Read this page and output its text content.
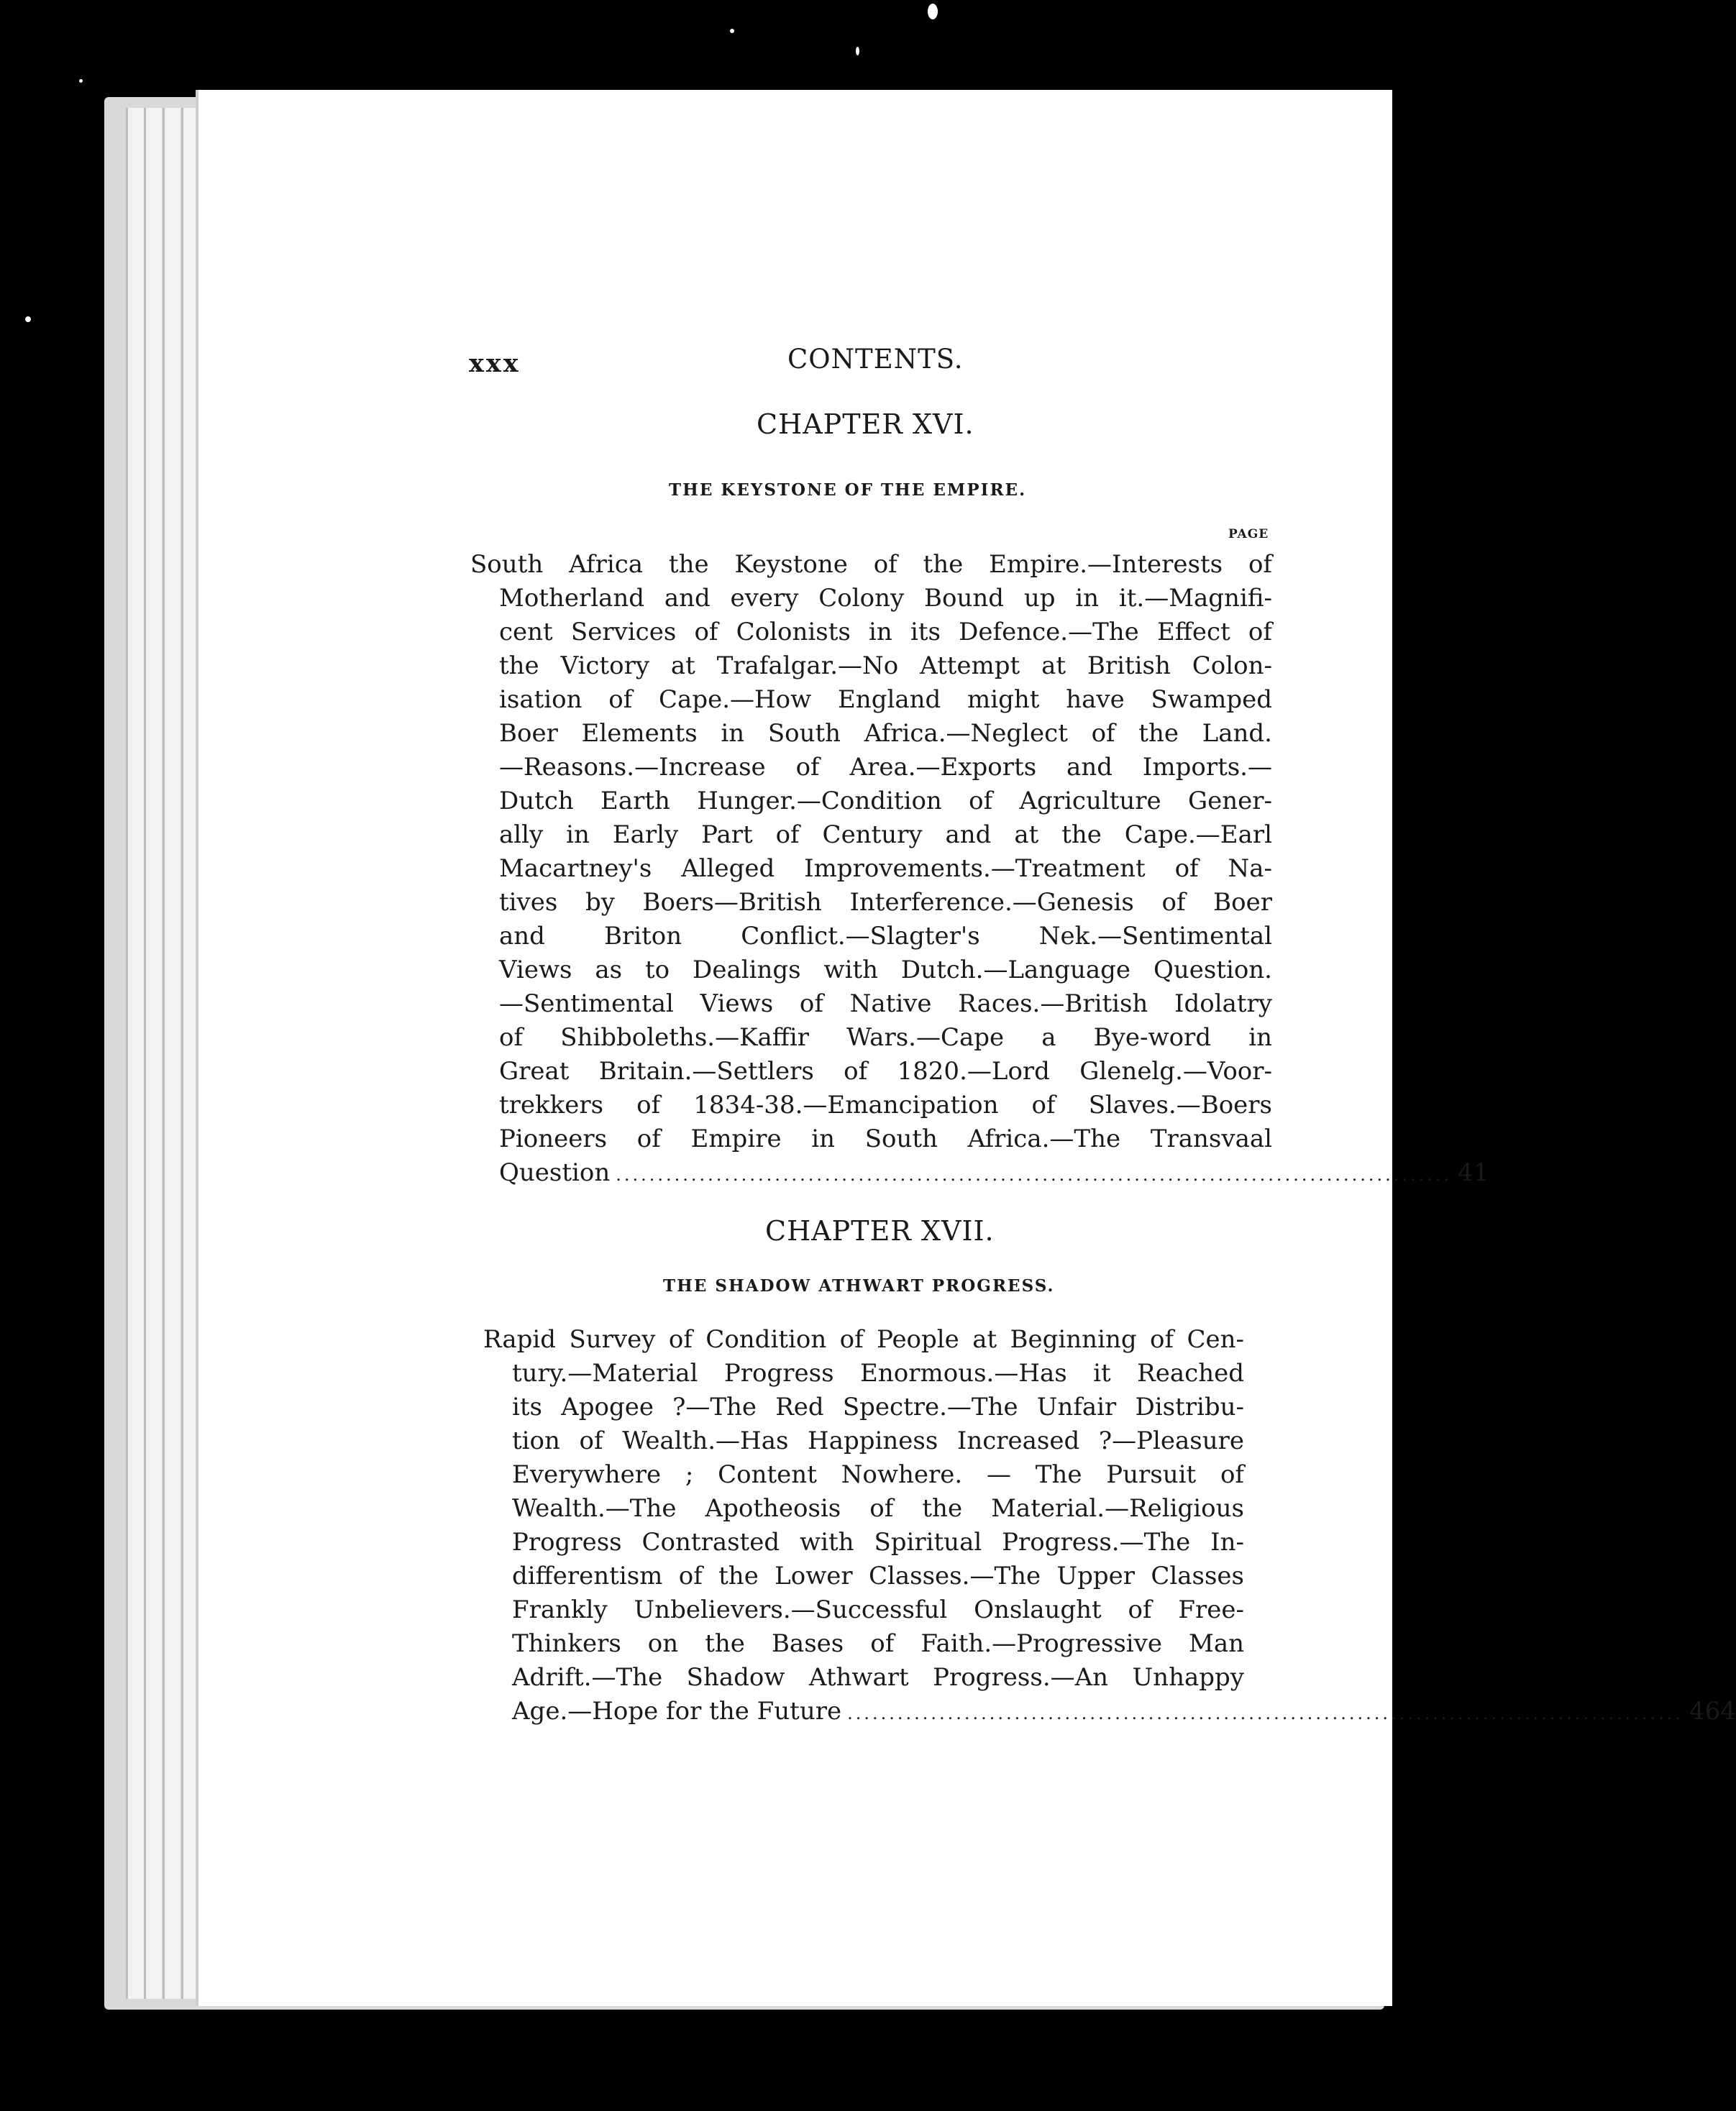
xxx	CONTENTS.
CHAPTER XVI.
THE KEYSTONE OF THE EMPIRE.
PAGE
South Africa the Keystone of the Empire.—Interests of
Motherland and every Colony Bound up in it.—Magnifi-
cent Services of Colonists in its Defence.—The Effect of
the Victory at Trafalgar.—No Attempt at British Colon-
isation of Cape.—How England might have Swamped
Boer Elements in South Africa.—Neglect of the Land.
—Reasons.—Increase of Area.—Exports and Imports.—
Dutch Earth Hunger.—Condition of Agriculture Gener-
ally in Early Part of Century and at the Cape.—Earl
Macartney's Alleged Improvements.—Treatment of Na-
tives by Boers—British Interference.—Genesis of Boer
and Briton Conflict.—Slagter's Nek.—Sentimental
Views as to Dealings with Dutch.—Language Question.
—Sentimental Views of Native Races.—British Idolatry
of Shibboleths.—Kaffir Wars.—Cape a Bye-word in
Great Britain.—Settlers of 1820.—Lord Glenelg.—Voor-
trekkers of 1834-38.—Emancipation of Slaves.—Boers
Pioneers of Empire in South Africa.—The Transvaal
Question .................................................................................................... 41
CHAPTER XVII.
THE SHADOW ATHWART PROGRESS.
Rapid Survey of Condition of People at Beginning of Cen-
tury.—Material Progress Enormous.—Has it Reached
its Apogee ?—The Red Spectre.—The Unfair Distribu-
tion of Wealth.—Has Happiness Increased ?—Pleasure
Everywhere ; Content Nowhere. — The Pursuit of
Wealth.—The Apotheosis of the Material.—Religious
Progress Contrasted with Spiritual Progress.—The In-
differentism of the Lower Classes.—The Upper Classes
Frankly Unbelievers.—Successful Onslaught of Free-
Thinkers on the Bases of Faith.—Progressive Man
Adrift.—The Shadow Athwart Progress.—An Unhappy
Age.—Hope for the Future .................................................................................................... 464
